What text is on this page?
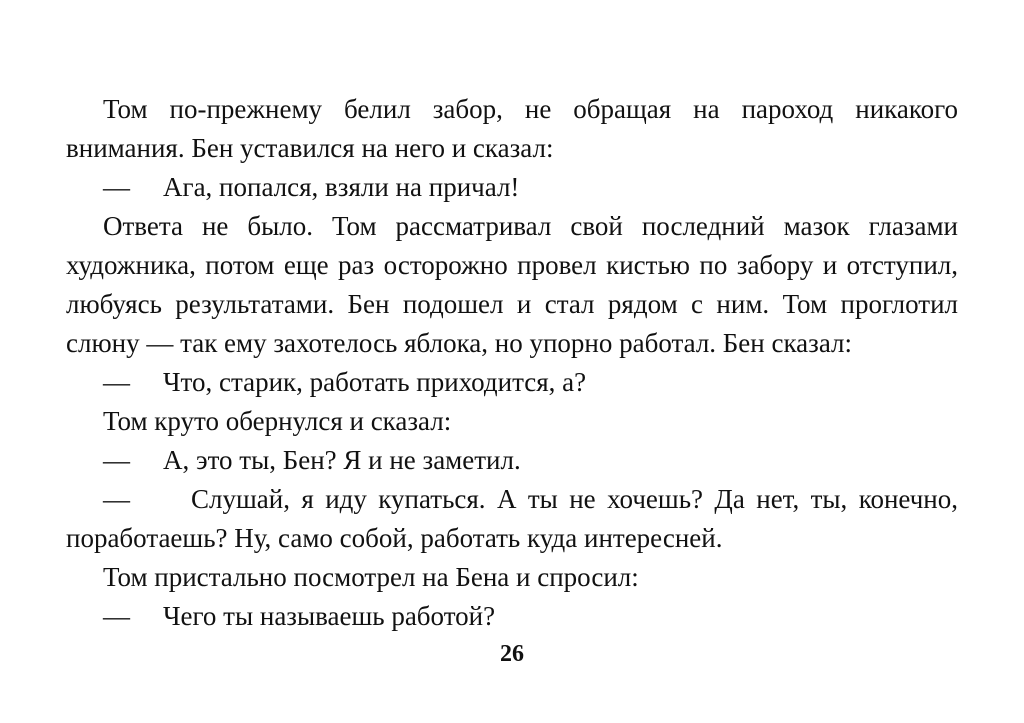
Том по-прежнему белил забор, не обращая на пароход никакого внимания. Бен уставился на него и сказал:

—	Ага, попался, взяли на причал!

Ответа не было. Том рассматривал свой последний мазок глазами художника, потом еще раз осторожно провел кистью по забору и отступил, любуясь результатами. Бен подошел и стал рядом с ним. Том проглотил слюну — так ему захотелось яблока, но упорно работал. Бен сказал:

—	Что, старик, работать приходится, а?

Том круто обернулся и сказал:

—	А, это ты, Бен? Я и не заметил.

— Слушай, я иду купаться. А ты не хочешь? Да нет, ты, конечно, поработаешь? Ну, само собой, работать куда интересней.

Том пристально посмотрел на Бена и спросил:

—	Чего ты называешь работой?

26
